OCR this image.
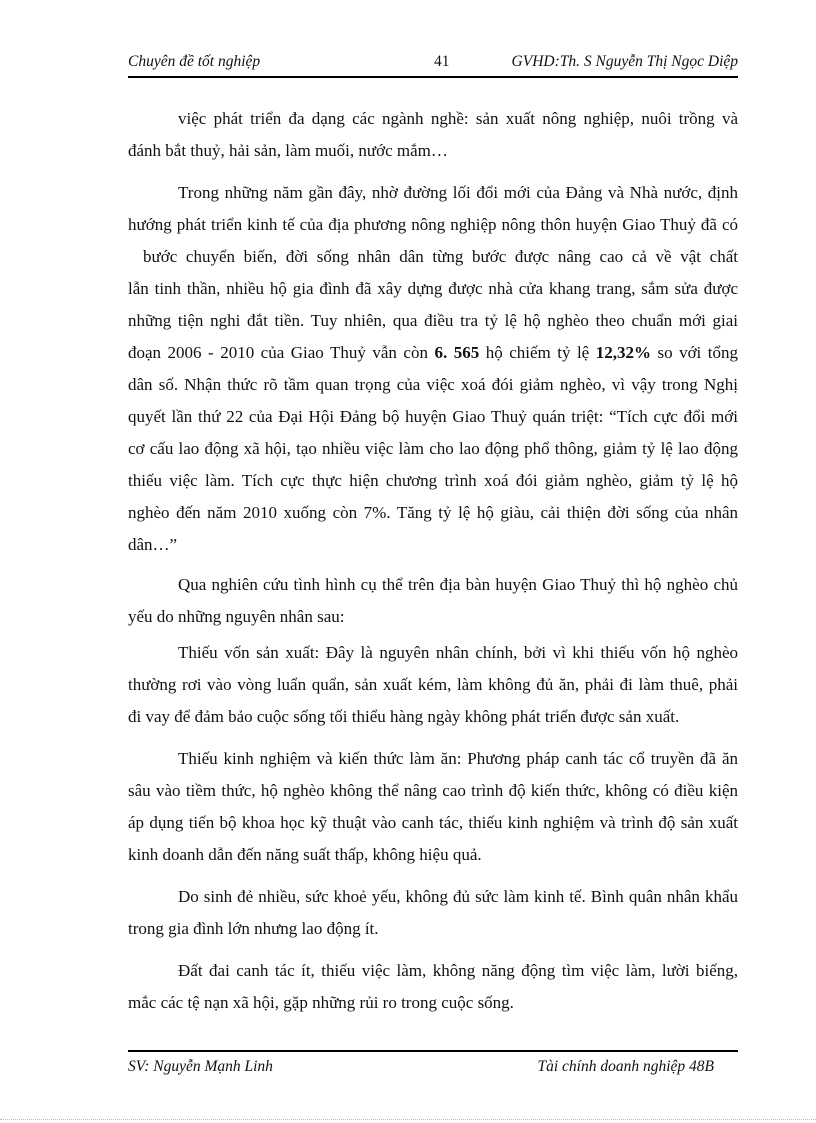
Chuyên đề tốt nghiệp	41	GVHD:Th. S Nguyễn Thị Ngọc Diệp

việc phát triển đa dạng các ngành nghề: sản xuất nông nghiệp, nuôi trồng và
đánh bắt thuỷ, hải sản, làm muối, nước mắm…

Trong những năm gần đây, nhờ đường lối đổi mới của Đảng và Nhà nước, định
hướng phát triển kinh tế của địa phương nông nghiệp nông thôn huyện Giao Thuỷ đã có
bước chuyển biến, đời sống nhân dân từng bước được nâng cao cả về vật chất
lẫn tinh thần, nhiều hộ gia đình đã xây dựng được nhà cửa khang trang, sắm sửa được
những tiện nghi đắt tiền. Tuy nhiên, qua điều tra tỷ lệ hộ nghèo theo chuẩn mới giai
đoạn 2006 - 2010 của Giao Thuỷ vẫn còn 6. 565 hộ chiếm tỷ lệ 12,32% so với tổng
dân số. Nhận thức rõ tầm quan trọng của việc xoá đói giảm nghèo, vì vậy trong Nghị
quyết lần thứ 22 của Đại Hội Đảng bộ huyện Giao Thuỷ quán triệt: “Tích cực đổi mới
cơ cấu lao động xã hội, tạo nhiều việc làm cho lao động phổ thông, giảm tỷ lệ lao động
thiếu việc làm. Tích cực thực hiện chương trình xoá đói giảm nghèo, giảm tỷ lệ hộ
nghèo đến năm 2010 xuống còn 7%. Tăng tỷ lệ hộ giàu, cải thiện đời sống của nhân
dân…”

Qua nghiên cứu tình hình cụ thể trên địa bàn huyện Giao Thuỷ thì hộ nghèo chủ
yếu do những nguyên nhân sau:

Thiếu vốn sản xuất: Đây là nguyên nhân chính, bởi vì khi thiếu vốn hộ nghèo
thường rơi vào vòng luẩn quẩn, sản xuất kém, làm không đủ ăn, phải đi làm thuê, phải
đi vay để đảm bảo cuộc sống tối thiểu hàng ngày không phát triển được sản xuất.

Thiếu kinh nghiệm và kiến thức làm ăn: Phương pháp canh tác cổ truyền đã ăn
sâu vào tiềm thức, hộ nghèo không thể nâng cao trình độ kiến thức, không có điều kiện
áp dụng tiến bộ khoa học kỹ thuật vào canh tác, thiếu kinh nghiệm và trình độ sản xuất
kinh doanh dẫn đến năng suất thấp, không hiệu quả.

Do sinh đẻ nhiều, sức khoẻ yếu, không đủ sức làm kinh tế. Bình quân nhân khẩu
trong gia đình lớn nhưng lao động ít.

Đất đai canh tác ít, thiếu việc làm, không năng động tìm việc làm, lười biếng,
mắc các tệ nạn xã hội, gặp những rủi ro trong cuộc sống.

SV: Nguyễn Mạnh Linh	Tài chính doanh nghiệp 48B
